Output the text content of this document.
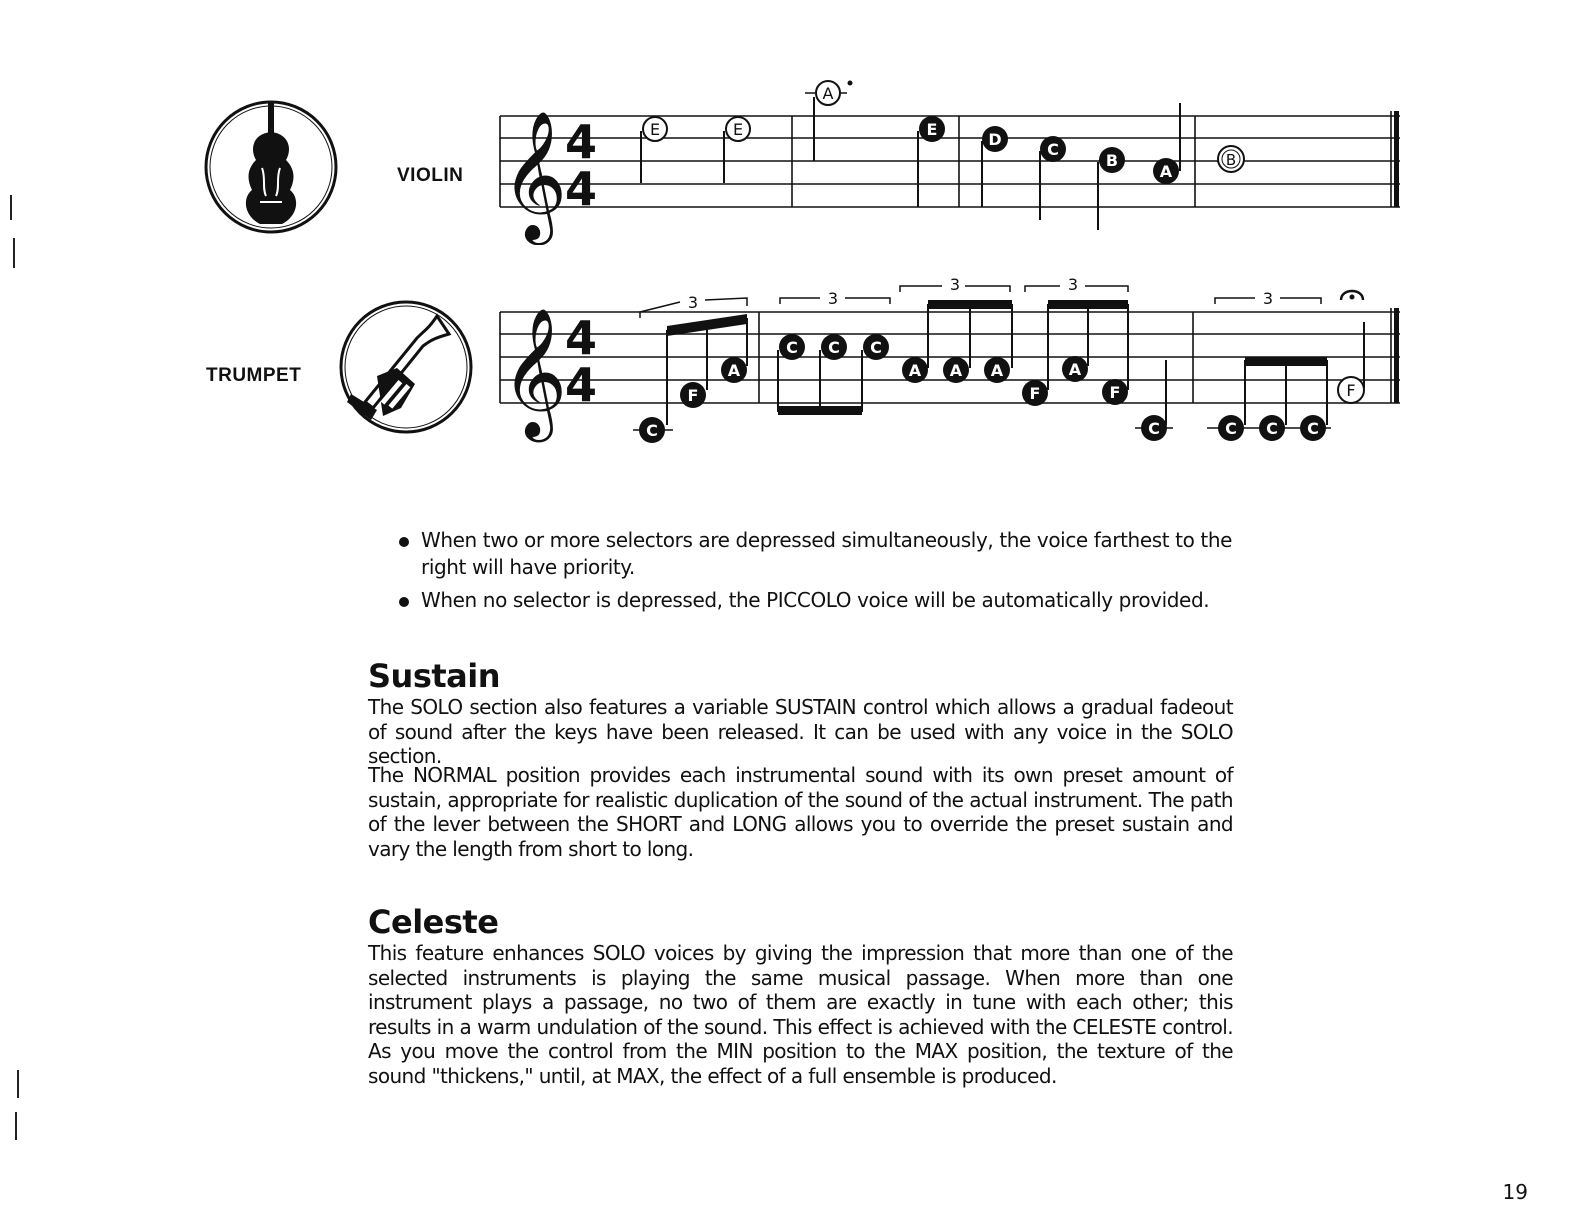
VIOLIN 𝄞
4
4
E	E
A
E
D
C
B
A
B
TRUMPET 𝄞
4
4
3	3
3	3
3
C
F
A
C C C
A A A
F
A
F
C	C C C
F
When two or more selectors are depressed simultaneously, the voice farthest to the right will have priority.
When no selector is depressed, the PICCOLO voice will be automatically provided.
Sustain
The SOLO section also features a variable SUSTAIN control which allows a gradual fadeout of sound after the keys have been released. It can be used with any voice in the SOLO section.
The NORMAL position provides each instrumental sound with its own preset amount of sustain, appropriate for realistic duplication of the sound of the actual instrument. The path of the lever between the SHORT and LONG allows you to override the preset sustain and vary the length from short to long.
Celeste
This feature enhances SOLO voices by giving the impression that more than one of the selected instruments is playing the same musical passage. When more than one instrument plays a passage, no two of them are exactly in tune with each other; this results in a warm undulation of the sound. This effect is achieved with the CELESTE control. As you move the control from the MIN position to the MAX position, the texture of the sound "thickens," until, at MAX, the effect of a full ensemble is produced.
19
